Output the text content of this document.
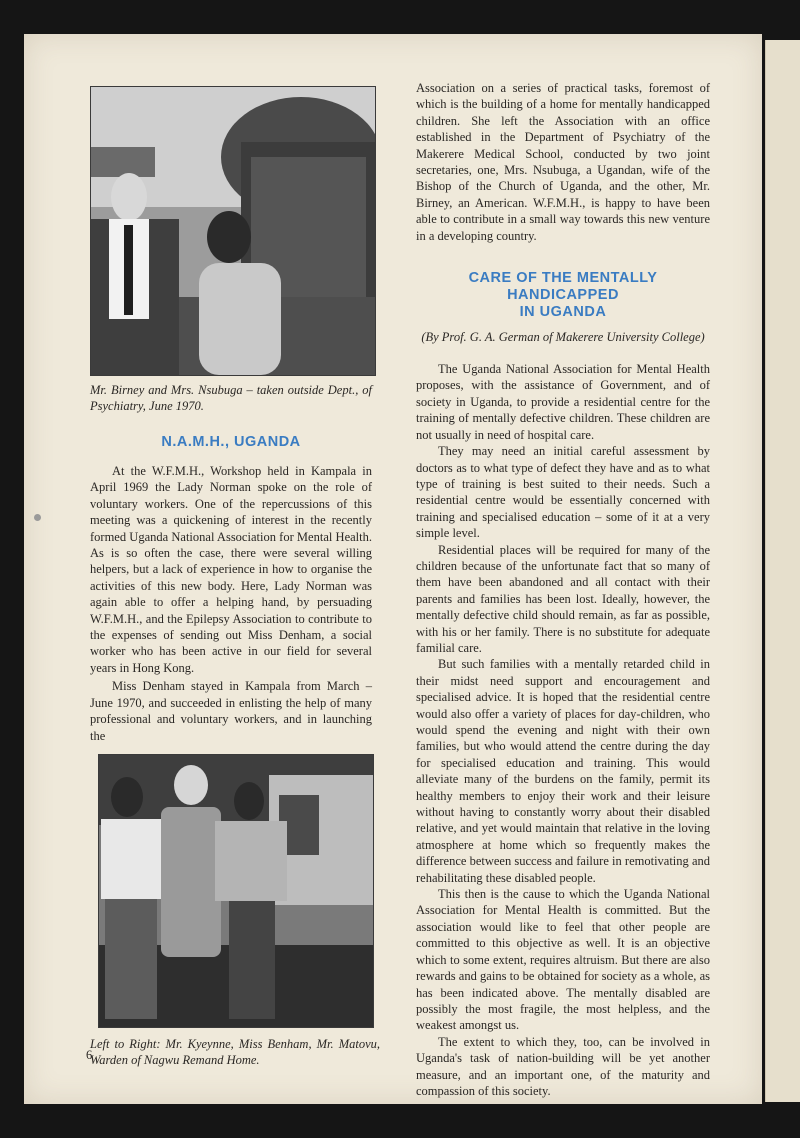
Mr. Birney and Mrs. Nsubuga – taken outside Dept., of Psychiatry, June 1970.

N.A.M.H., UGANDA

At the W.F.M.H., Workshop held in Kampala in April 1969 the Lady Norman spoke on the role of voluntary workers. One of the repercussions of this meeting was a quickening of interest in the recently formed Uganda National Association for Mental Health. As is so often the case, there were several willing helpers, but a lack of experience in how to organise the activities of this new body. Here, Lady Norman was again able to offer a helping hand, by persuading W.F.M.H., and the Epilepsy Association to contribute to the expenses of sending out Miss Denham, a social worker who has been active in our field for several years in Hong Kong.

Miss Denham stayed in Kampala from March – June 1970, and succeeded in enlisting the help of many professional and voluntary workers, and in launching the

Left to Right: Mr. Kyeynne, Miss Benham, Mr. Matovu, Warden of Nagwu Remand Home.

Association on a series of practical tasks, foremost of which is the building of a home for mentally handicapped children. She left the Association with an office established in the Department of Psychiatry of the Makerere Medical School, conducted by two joint secretaries, one, Mrs. Nsubuga, a Ugandan, wife of the Bishop of the Church of Uganda, and the other, Mr. Birney, an American. W.F.M.H., is happy to have been able to contribute in a small way towards this new venture in a developing country.

CARE OF THE MENTALLY HANDICAPPED
IN UGANDA

(By Prof. G. A. German of Makerere University College)

The Uganda National Association for Mental Health proposes, with the assistance of Government, and of society in Uganda, to provide a residential centre for the training of mentally defective children. These children are not usually in need of hospital care.

They may need an initial careful assessment by doctors as to what type of defect they have and as to what type of training is best suited to their needs. Such a residential centre would be essentially concerned with training and specialised education – some of it at a very simple level.

Residential places will be required for many of the children because of the unfortunate fact that so many of them have been abandoned and all contact with their parents and families has been lost. Ideally, however, the mentally defective child should remain, as far as possible, with his or her family. There is no substitute for adequate familial care.

But such families with a mentally retarded child in their midst need support and encouragement and specialised advice. It is hoped that the residential centre would also offer a variety of places for day-children, who would spend the evening and night with their own families, but who would attend the centre during the day for specialised education and training. This would alleviate many of the burdens on the family, permit its healthy members to enjoy their work and their leisure without having to constantly worry about their disabled relative, and yet would maintain that relative in the loving atmosphere at home which so frequently makes the difference between success and failure in remotivating and rehabilitating these disabled people.

This then is the cause to which the Uganda National Association for Mental Health is committed. But the association would like to feel that other people are committed to this objective as well. It is an objective which to some extent, requires altruism. But there are also rewards and gains to be obtained for society as a whole, as has been indicated above. The mentally disabled are possibly the most fragile, the most helpless, and the weakest amongst us.

The extent to which they, too, can be involved in Uganda's task of nation-building will be yet another measure, and an important one, of the maturity and compassion of this society.

6
